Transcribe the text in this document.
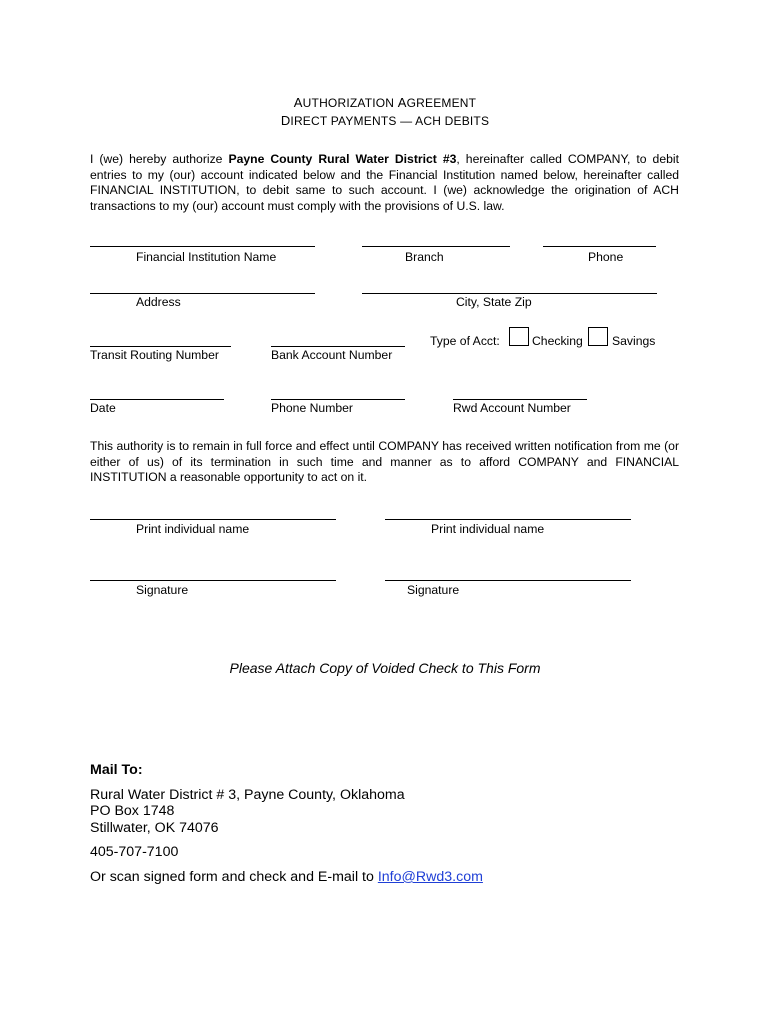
AUTHORIZATION AGREEMENT
DIRECT PAYMENTS — ACH DEBITS
I (we) hereby authorize Payne County Rural Water District #3, hereinafter called COMPANY, to debit entries to my (our) account indicated below and the Financial Institution named below, hereinafter called FINANCIAL INSTITUTION, to debit same to such account. I (we) acknowledge the origination of ACH transactions to my (our) account must comply with the provisions of U.S. law.
Financial Institution Name	Branch	Phone
Address	City, State Zip
Type of Acct:	Checking Savings
Transit Routing Number	Bank Account Number
Date	Phone Number	Rwd Account Number
This authority is to remain in full force and effect until COMPANY has received written notification from me (or either of us) of its termination in such time and manner as to afford COMPANY and FINANCIAL INSTITUTION a reasonable opportunity to act on it.
Print individual name	Print individual name
Signature	Signature
Please Attach Copy of Voided Check to This Form
Mail To:
Rural Water District # 3, Payne County, Oklahoma
PO Box 1748
Stillwater, OK 74076
405-707-7100
Or scan signed form and check and E-mail to Info@Rwd3.com
